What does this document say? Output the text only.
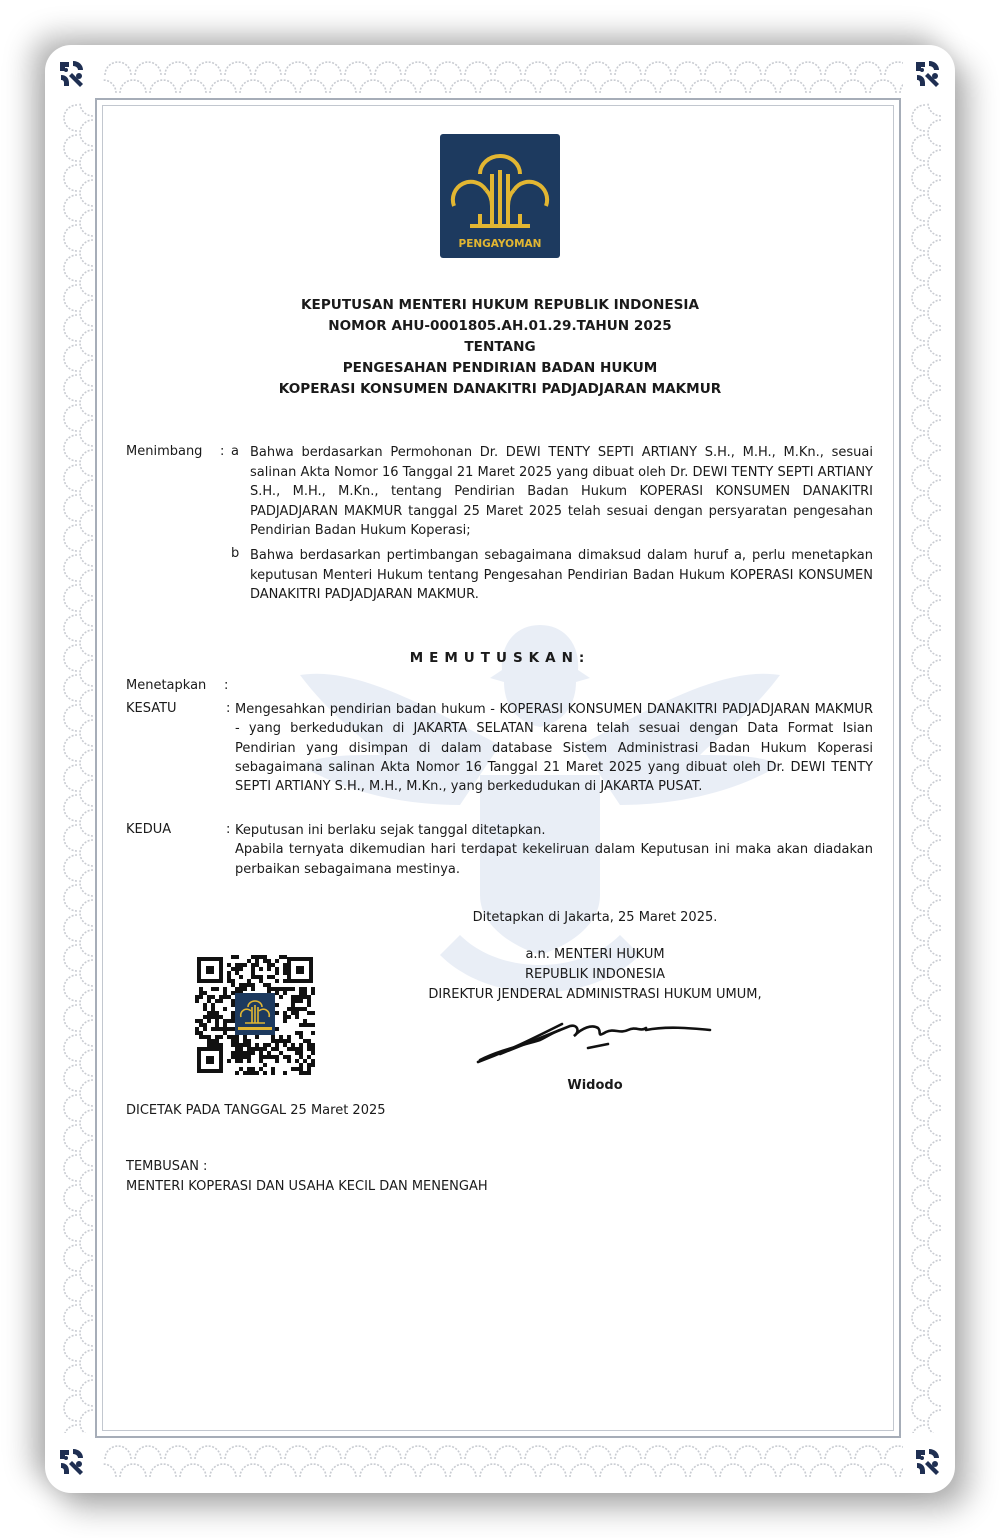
PENGAYOMAN
KEPUTUSAN MENTERI HUKUM REPUBLIK INDONESIA
NOMOR AHU-0001805.AH.01.29.TAHUN 2025
TENTANG
PENGESAHAN PENDIRIAN BADAN HUKUM
KOPERASI KONSUMEN DANAKITRI PADJADJARAN MAKMUR
Menimbang : a Bahwa berdasarkan Permohonan Dr. DEWI TENTY SEPTI ARTIANY S.H., M.H., M.Kn., sesuai salinan Akta Nomor 16 Tanggal 21 Maret 2025 yang dibuat oleh Dr. DEWI TENTY SEPTI ARTIANY S.H., M.H., M.Kn., tentang Pendirian Badan Hukum KOPERASI KONSUMEN DANAKITRI PADJADJARAN MAKMUR tanggal 25 Maret 2025 telah sesuai dengan persyaratan pengesahan Pendirian Badan Hukum Koperasi;
b Bahwa berdasarkan pertimbangan sebagaimana dimaksud dalam huruf a, perlu menetapkan keputusan Menteri Hukum tentang Pengesahan Pendirian Badan Hukum KOPERASI KONSUMEN DANAKITRI PADJADJARAN MAKMUR.
MEMUTUSKAN:
Menetapkan :
KESATU	: Mengesahkan pendirian badan hukum - KOPERASI KONSUMEN DANAKITRI PADJADJARAN MAKMUR - yang berkedudukan di JAKARTA SELATAN karena telah sesuai dengan Data Format Isian Pendirian yang disimpan di dalam database Sistem Administrasi Badan Hukum Koperasi sebagaimana salinan Akta Nomor 16 Tanggal 21 Maret 2025 yang dibuat oleh Dr. DEWI TENTY SEPTI ARTIANY S.H., M.H., M.Kn., yang berkedudukan di JAKARTA PUSAT.
KEDUA	: Keputusan ini berlaku sejak tanggal ditetapkan.
Apabila ternyata dikemudian hari terdapat kekeliruan dalam Keputusan ini maka akan diadakan perbaikan sebagaimana mestinya.
Ditetapkan di Jakarta, 25 Maret 2025.
a.n. MENTERI HUKUM
REPUBLIK INDONESIA
DIREKTUR JENDERAL ADMINISTRASI HUKUM UMUM,
Widodo
DICETAK PADA TANGGAL 25 Maret 2025
TEMBUSAN :
MENTERI KOPERASI DAN USAHA KECIL DAN MENENGAH
